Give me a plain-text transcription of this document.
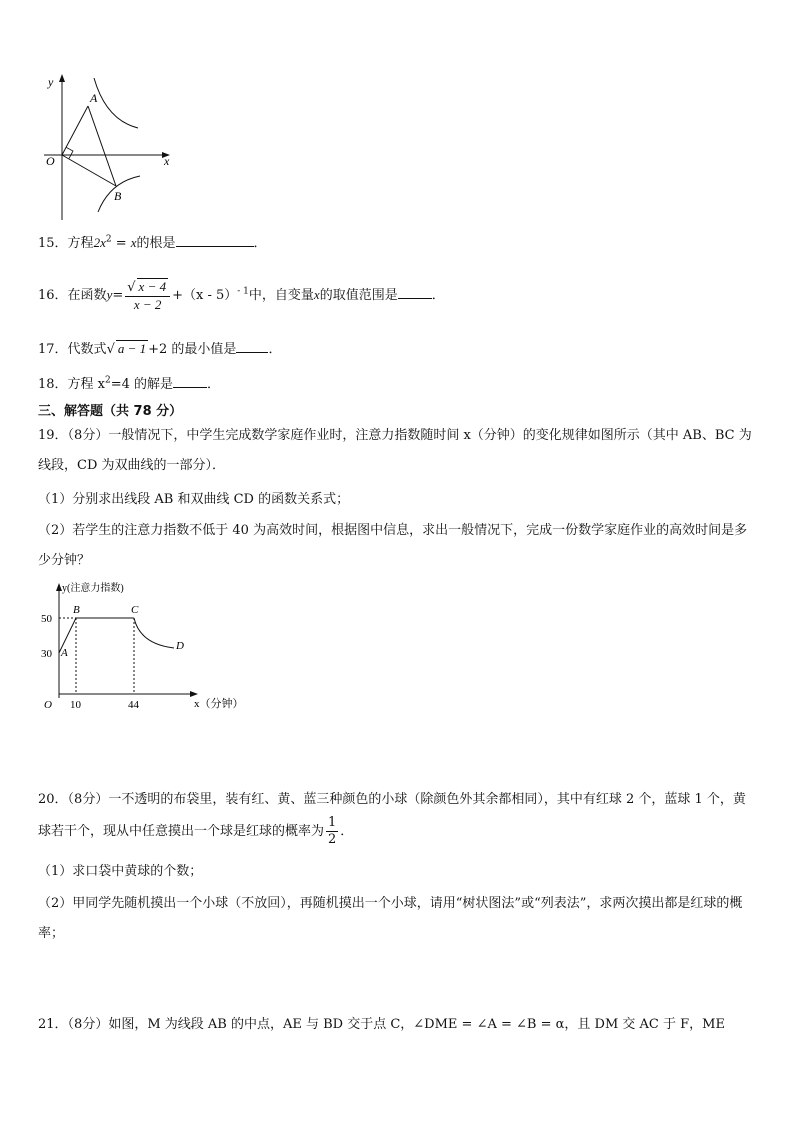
y
x
O
A
B
15．方程$2x^2 = x$的根是	．
16．在函数$y= \frac{√ x - 4}{x - 2} +(x - 5)^{- 1}$中，自变量x的取值范围是	．
17．代数式√ a − 1 +2 的最小值是 ．
18．方程 $x^2=4$ 的解是	．
三、解答题（共 78 分）
19．（8分）一般情况下，中学生完成数学家庭作业时，注意力指数随时间 x（分钟）的变化规律如图所示（其中 AB、BC 为线段，CD 为双曲线的一部分）．
（1）分别求出线段 AB 和双曲线 CD 的函数关系式；
（2）若学生的注意力指数不低于 40 为高效时间，根据图中信息，求出一般情况下，完成一份数学家庭作业的高效时间是多少分钟？
y(注意力指数)
x（分钟）
O
50
30
10	44
A
B	C
D
20．（8分）一不透明的布袋里，装有红、黄、蓝三种颜色的小球（除颜色外其余都相同），其中有红球 2 个，蓝球 1 个，黄球若干个，现从中任意摸出一个球是红球的概率为 $\frac{1}{2}$ ．
（1）求口袋中黄球的个数；
（2）甲同学先随机摸出一个小球（不放回），再随机摸出一个小球，请用“树状图法”或“列表法”，求两次摸出都是红球的概率；
21．（8分）如图，M 为线段 AB 的中点，AE 与 BD 交于点 C，∠DME = ∠A = ∠B = α，且 DM 交 AC 于 F，ME
